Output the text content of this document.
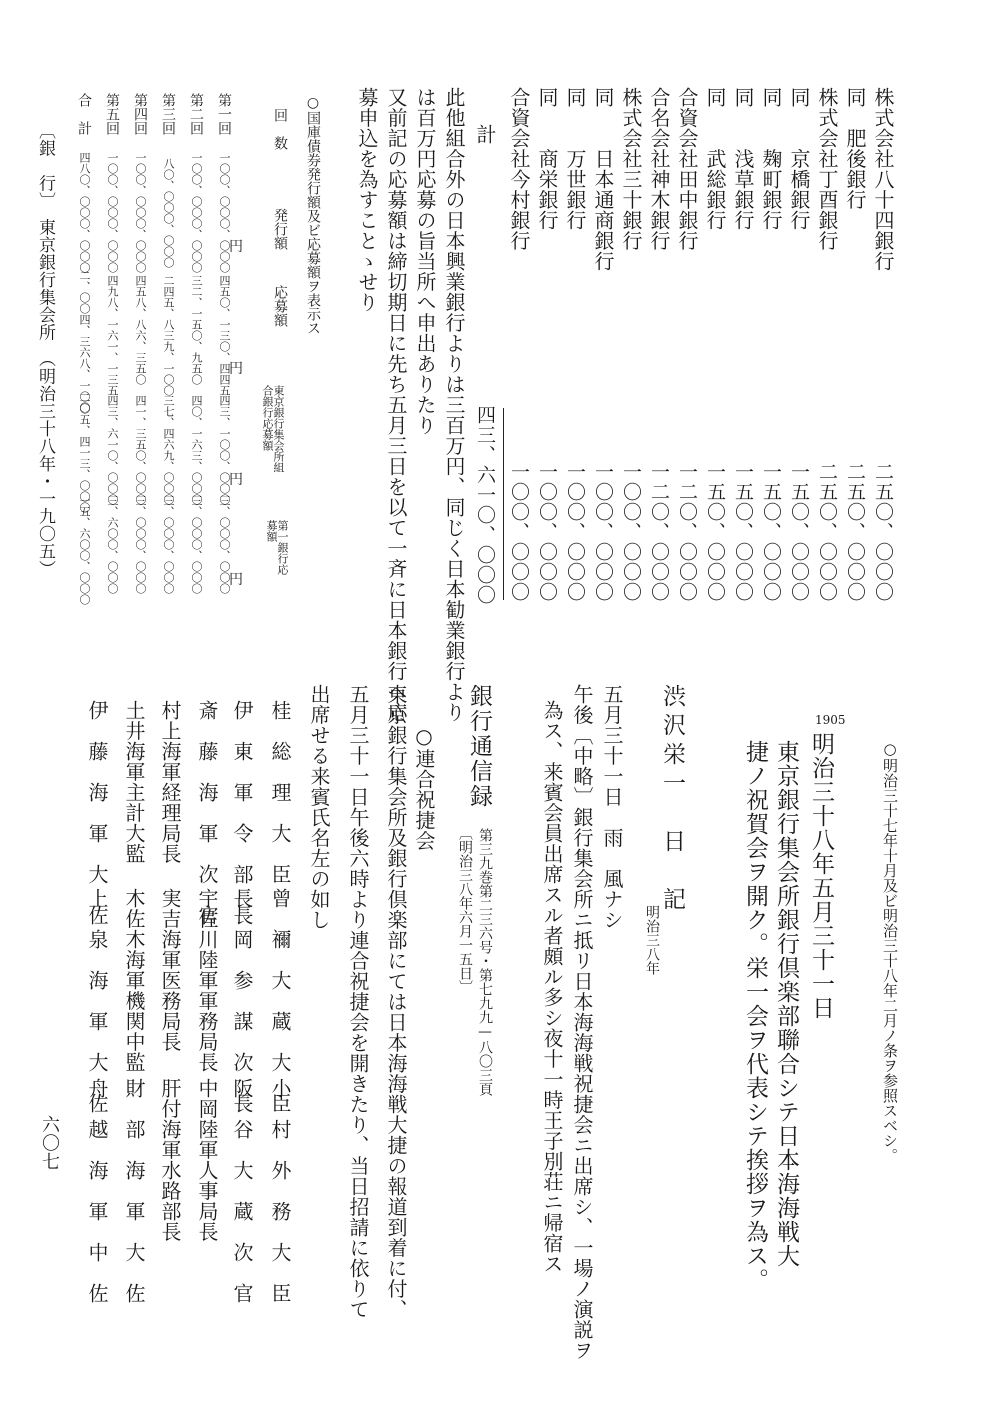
株式会社八十四銀行
二五〇、〇〇〇
同　肥後銀行
二五〇、〇〇〇
株式会社丁酉銀行
二五〇、〇〇〇
同　　京橋銀行
一五〇、〇〇〇
同　　麹町銀行
一五〇、〇〇〇
同　　浅草銀行
一五〇、〇〇〇
同　　武総銀行
一五〇、〇〇〇
合資会社田中銀行
一二〇、〇〇〇
合名会社神木銀行
一二〇、〇〇〇
株式会社三十銀行
一〇〇、〇〇〇
同　　日本通商銀行
一〇〇、〇〇〇
同　　万世銀行
一〇〇、〇〇〇
同　　商栄銀行
一〇〇、〇〇〇
合資会社今村銀行
一〇〇、〇〇〇
計
四三、六一〇、〇〇〇
此他組合外の日本興業銀行よりは三百万円、同じく日本勧業銀行より
は百万円応募の旨当所へ申出ありたり
又前記の応募額は締切期日に先ち五月三日を以て一斉に日本銀行へ応
募申込を為すことゝせり
○国庫債券発行額及ビ応募額ヲ表示ス
回　数
発行額
応募額
東京銀行集会所組合銀行応募額
第一銀行応募額
円
円
円
円
第一回
一〇〇、〇〇〇、〇〇〇
四五〇、一三〇、四四五
四三、一〇〇、〇〇〇
三、〇〇〇、〇〇〇
第二回
一〇〇、〇〇〇、〇〇〇
三二、一五〇、九五〇
四〇、一六三、〇〇〇
三、〇〇〇、〇〇〇
第三回
八〇、〇〇〇、〇〇〇
二四五、八三九、一〇〇
三七、四六九、〇〇〇
三、〇〇〇、〇〇〇
第四回
一〇〇、〇〇〇、〇〇〇
四五八、八六、三五〇
四一、三五〇、〇〇〇
三、〇〇〇、〇〇〇
第五回
一〇〇、〇〇〇、〇〇〇
四九八、一六一、一三五
四三、六一〇、〇〇〇
三、六〇〇、〇〇〇
合　計
四八〇、〇〇〇、〇〇〇
二、〇〇四、三六八、一〇〇
二〇五、四一三、〇〇〇
一五、六〇〇、〇〇〇
〔銀　行〕　東京銀行集会所　（明治三十八年・一九〇五）
○明治三十七年十月及ビ明治三十八年二月ノ条ヲ参照スベシ。
1905
明治三十八年五月三十一日
東京銀行集会所銀行倶楽部聯合シテ日本海海戦大
捷ノ祝賀会ヲ開ク。栄一会ヲ代表シテ挨拶ヲ為ス。
渋沢栄一　日　記
明治三八年
五月三十一日　雨　風ナシ
午後〔中略〕銀行集会所ニ抵リ日本海海戦祝捷会ニ出席シ、一場ノ演説ヲ
為ス、来賓会員出席スル者頗ル多シ夜十一時王子別荘ニ帰宿ス
銀行通信録
第三九巻第二三六号・第七九九—八〇三頁
〔明治三八年六月一五日〕
○連合祝捷会
東京銀行集会所及銀行倶楽部にては日本海海戦大捷の報道到着に付、
五月三十一日午後六時より連合祝捷会を開きたり、当日招請に依りて
出席せる来賓氏名左の如し
桂　総　理　大　臣
曾　禰　大　蔵　大　臣
小　村　外　務　大　臣
伊　東　軍　令　部　長
長　岡　参　謀　次　長
阪　谷　大　蔵　次　官
斎　藤　海　軍　次　官
宇佐川陸軍軍務局長
中岡陸軍人事局長
村上海軍経理局長
実吉海軍医務局長
肝付海軍水路部長
土井海軍主計大監
木佐木海軍機関中監
財　部　海　軍　大　佐
伊　藤　海　軍　大　佐
上　泉　海　軍　大　佐
舟　越　海　軍　中　佐
六〇七
